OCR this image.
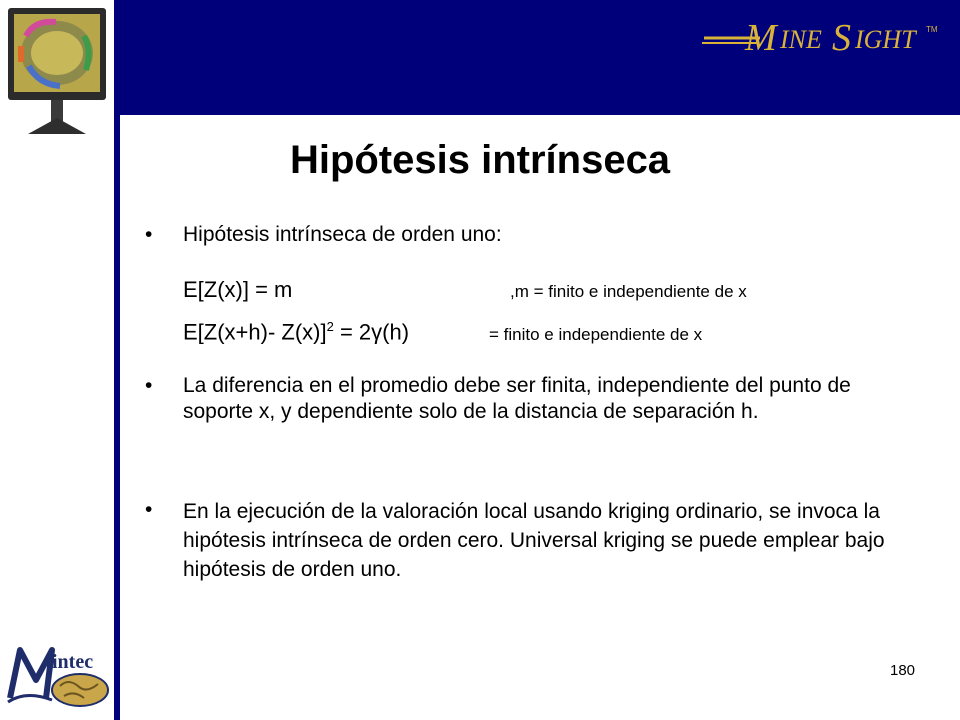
M INE S IGHT TM
Hipótesis intrínseca
• Hipótesis intrínseca de orden uno:
E[Z(x)] = m	,m = finito e independiente de x
E[Z(x+h)- Z(x)]$^2$ = 2γ(h)	= finito e independiente de x
• La diferencia en el promedio debe ser finita, independiente del punto de soporte x, y dependiente solo de la distancia de separación h.
• En la ejecución de la valoración local usando kriging ordinario, se invoca la hipótesis intrínseca de orden cero. Universal kriging se puede emplear bajo hipótesis de orden uno.
intec	180
